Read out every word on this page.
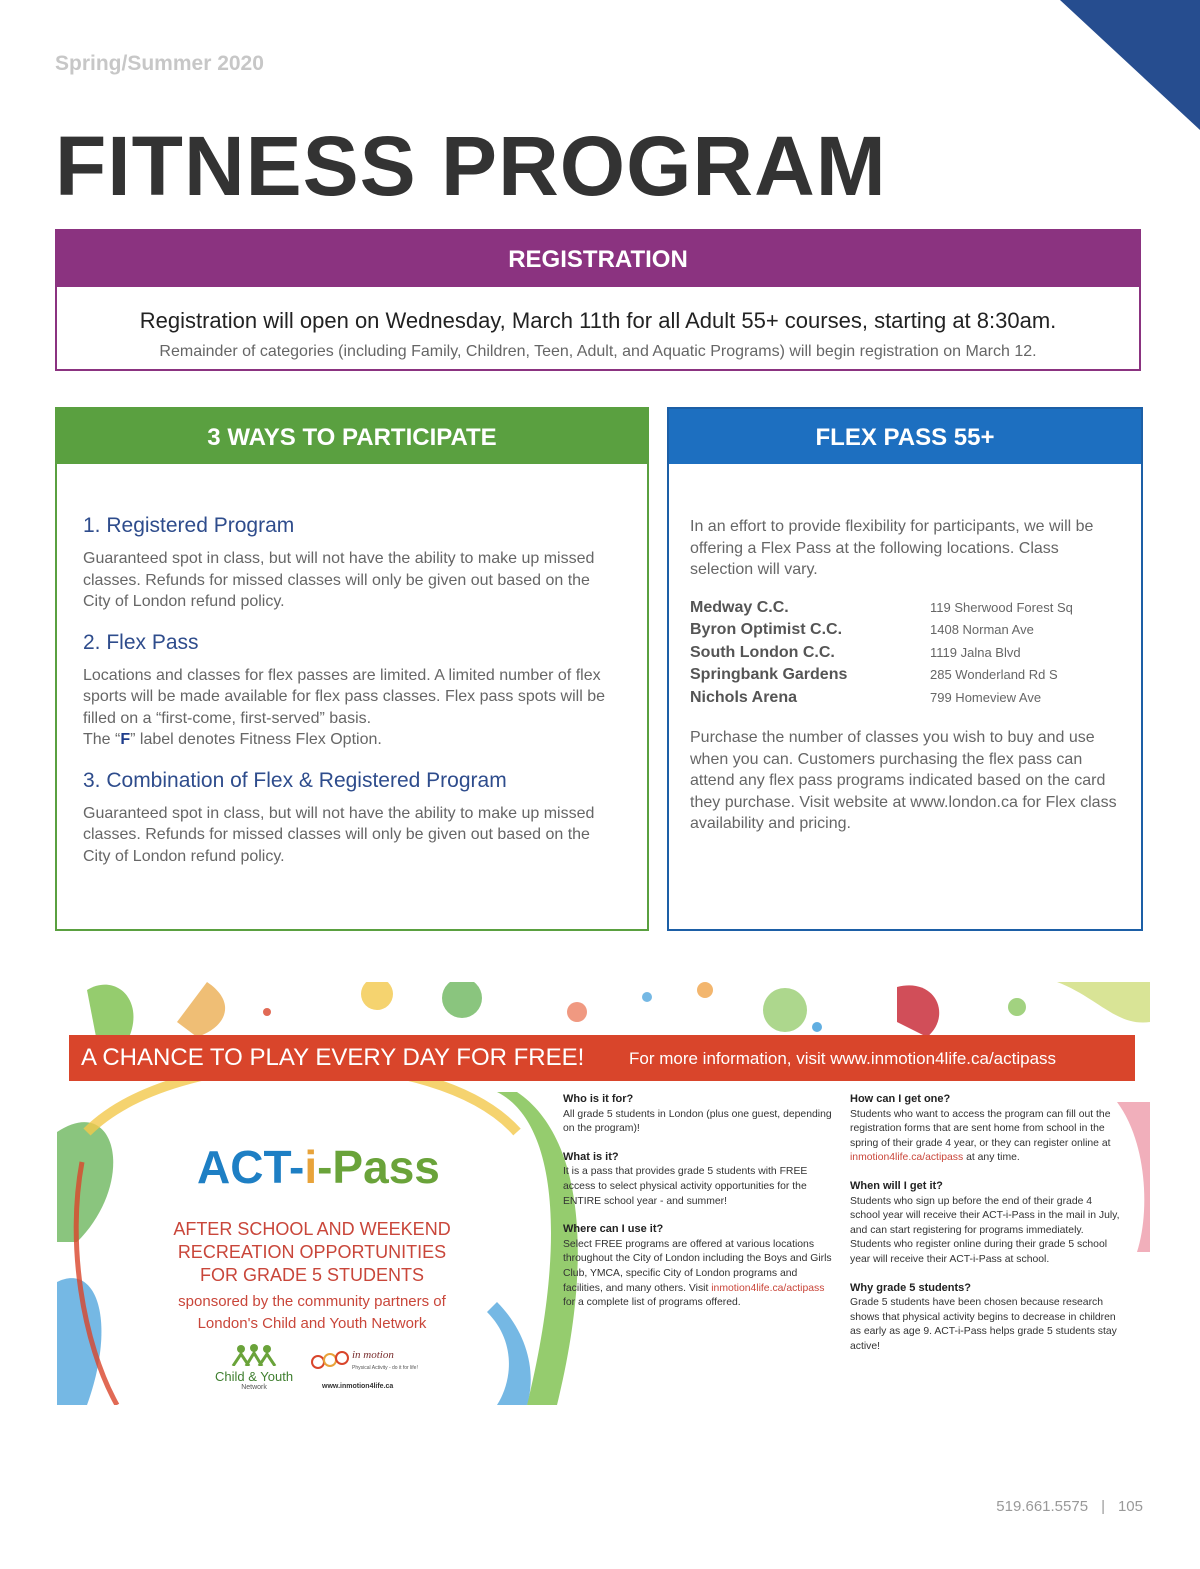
Spring/Summer 2020
FITNESS PROGRAM
REGISTRATION
Registration will open on Wednesday, March 11th for all Adult 55+ courses, starting at 8:30am.
Remainder of categories (including Family, Children, Teen, Adult, and Aquatic Programs) will begin registration on March 12.
3 WAYS TO PARTICIPATE
1. Registered Program

Guaranteed spot in class, but will not have the ability to make up missed classes. Refunds for missed classes will only be given out based on the City of London refund policy.

2. Flex Pass

Locations and classes for flex passes are limited. A limited number of flex sports will be made available for flex pass classes. Flex pass spots will be filled on a “first-come, first-served” basis.
The “F” label denotes Fitness Flex Option.

3. Combination of Flex & Registered Program

Guaranteed spot in class, but will not have the ability to make up missed classes. Refunds for missed classes will only be given out based on the City of London refund policy.

FLEX PASS 55+

In an effort to provide flexibility for participants, we will be offering a Flex Pass at the following locations. Class selection will vary.

Medway C.C.	119 Sherwood Forest Sq
Byron Optimist C.C.	1408 Norman Ave
South London C.C.	1119 Jalna Blvd
Springbank Gardens	285 Wonderland Rd S
Nichols Arena	799 Homeview Ave

Purchase the number of classes you wish to buy and use when you can. Customers purchasing the flex pass can attend any flex pass programs indicated based on the card they purchase. Visit website at www.london.ca for Flex class availability and pricing.

A CHANCE TO PLAY EVERY DAY FOR FREE!	For more information, visit www.inmotion4life.ca/actipass
ACT-i-Pass
AFTER SCHOOL AND WEEKEND
RECREATION OPPORTUNITIES
FOR GRADE 5 STUDENTS
sponsored by the community partners of
London's Child and Youth Network
Child & Youth
Network
in motion
Physical Activity - do it for life!
www.inmotion4life.ca
Who is it for?
All grade 5 students in London (plus one guest, depending on the program)!
What is it?
It is a pass that provides grade 5 students with FREE access to select physical activity opportunities for the ENTIRE school year - and summer!
Where can I use it?
Select FREE programs are offered at various locations throughout the City of London including the Boys and Girls Club, YMCA, specific City of London programs and facilities, and many others. Visit inmotion4life.ca/actipass for a complete list of programs offered.
How can I get one?
Students who want to access the program can fill out the registration forms that are sent home from school in the spring of their grade 4 year, or they can register online at inmotion4life.ca/actipass at any time.
When will I get it?
Students who sign up before the end of their grade 4 school year will receive their ACT-i-Pass in the mail in July, and can start registering for programs immediately. Students who register online during their grade 5 school year will receive their ACT-i-Pass at school.
Why grade 5 students?
Grade 5 students have been chosen because research shows that physical activity begins to decrease in children as early as age 9. ACT-i-Pass helps grade 5 students stay active!
519.661.5575 | 105
